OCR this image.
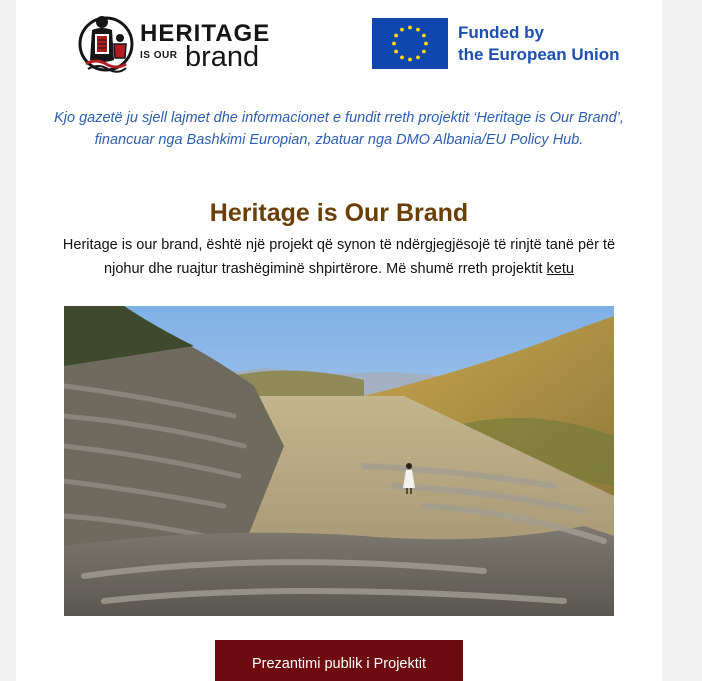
HERITAGE
IS OUR brand
Funded by
the European Union
Kjo gazetë ju sjell lajmet dhe informacionet e fundit rreth projektit ‘Heritage is Our Brand’, financuar nga Bashkimi Europian, zbatuar nga DMO Albania/EU Policy Hub.
Heritage is Our Brand
Heritage is our brand, është një projekt që synon të ndërgjegjësojë të rinjtë tanë për të njohur dhe ruajtur trashëgiminë shpirtërore. Më shumë rreth projektit ketu
Prezantimi publik i Projektit
